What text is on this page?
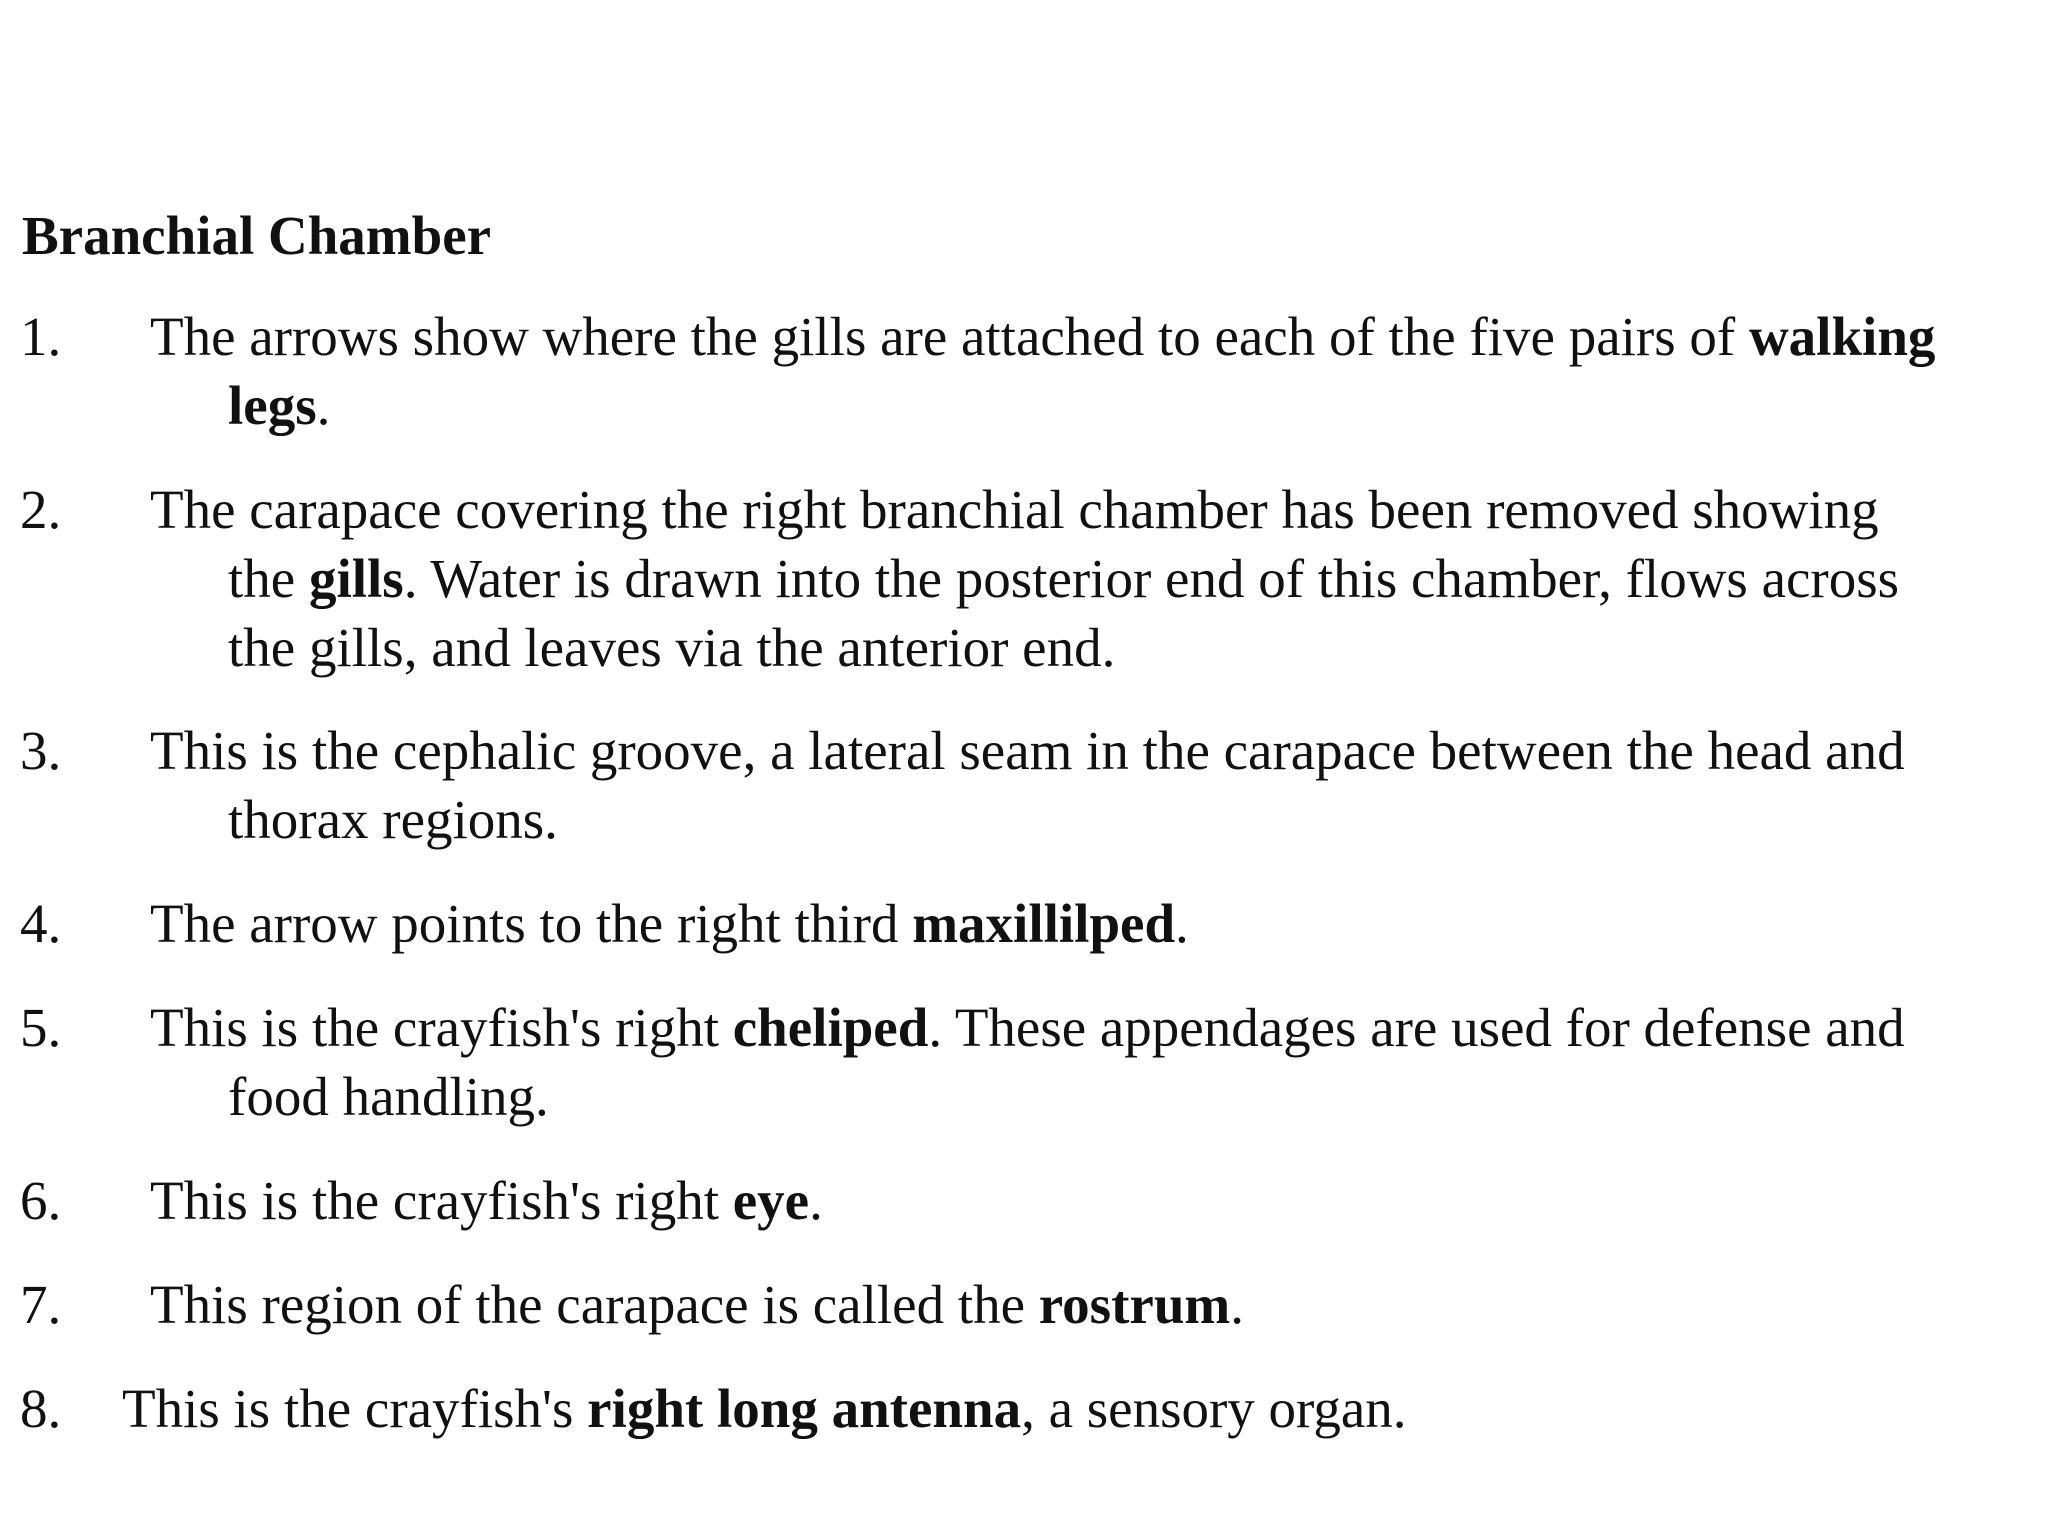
Branchial Chamber
1. The arrows show where the gills are attached to each of the five pairs of walking
legs.
2. The carapace covering the right branchial chamber has been removed showing
the gills. Water is drawn into the posterior end of this chamber, flows across
the gills, and leaves via the anterior end.
3. This is the cephalic groove, a lateral seam in the carapace between the head and
thorax regions.
4. The arrow points to the right third maxillilped.
5. This is the crayfish's right cheliped. These appendages are used for defense and
food handling.
6. This is the crayfish's right eye.
7. This region of the carapace is called the rostrum.
8. This is the crayfish's right long antenna, a sensory organ.
